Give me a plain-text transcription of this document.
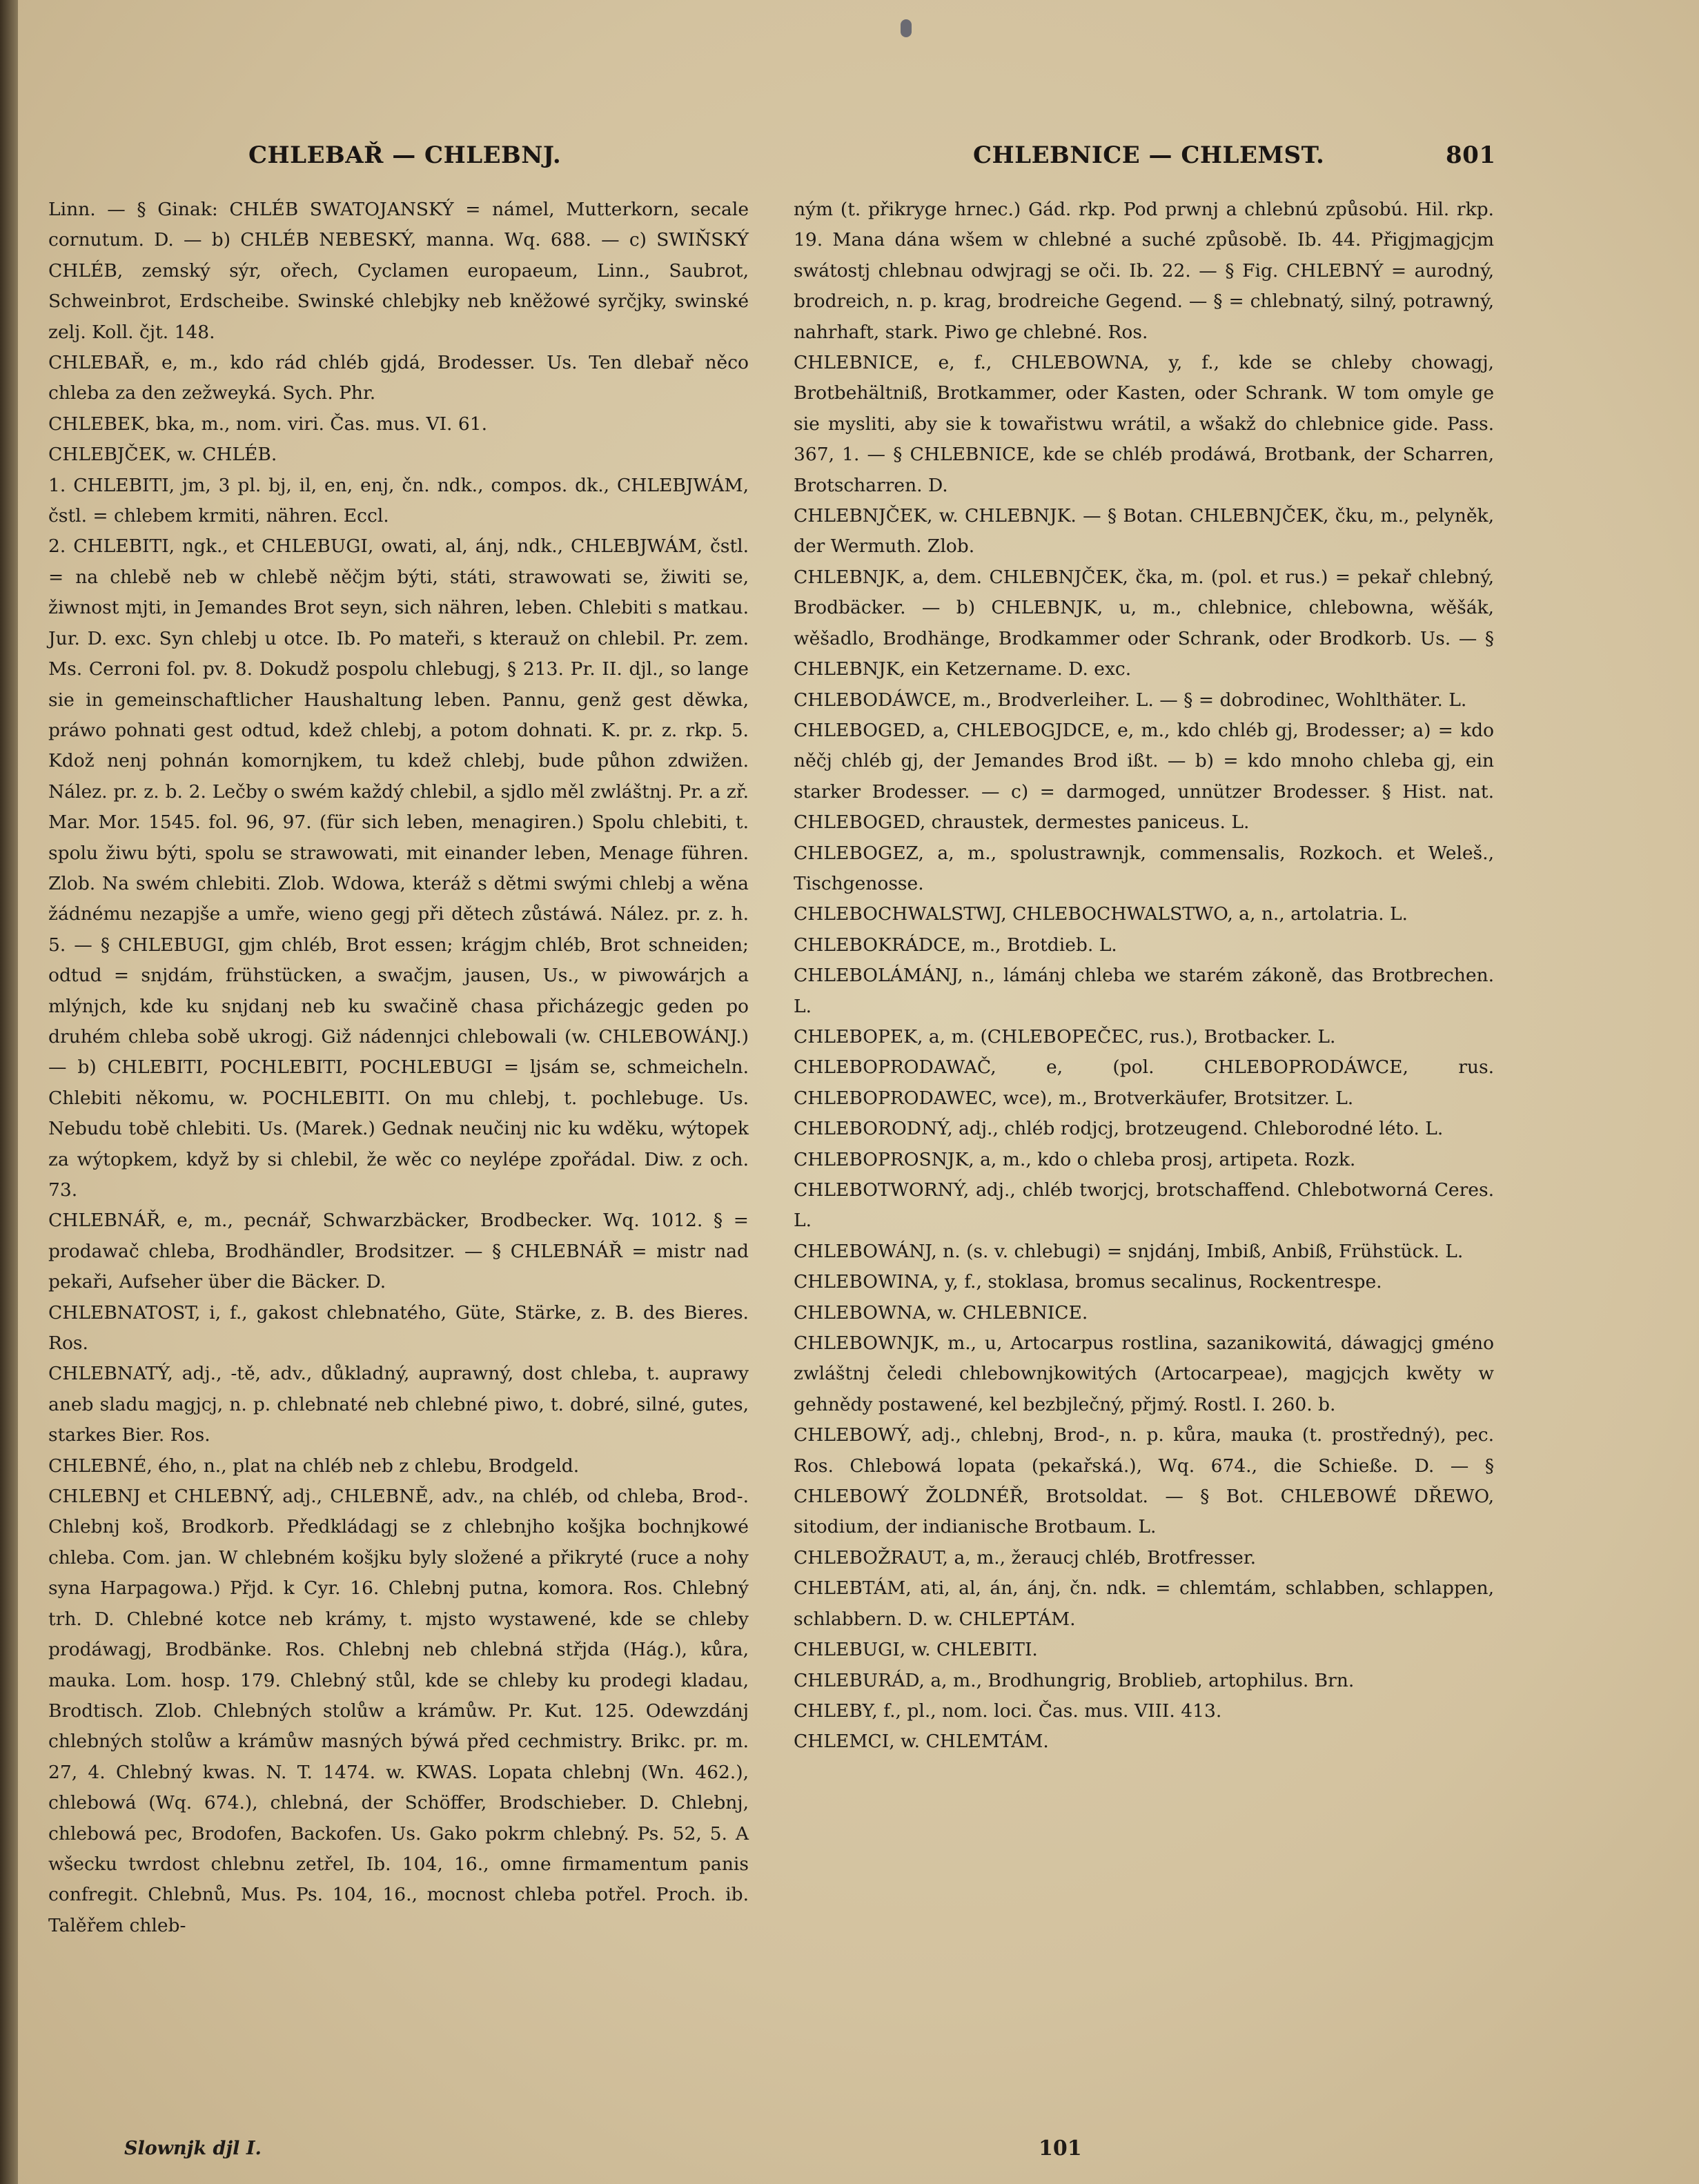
CHLEBAŘ — CHLEBNJ.	CHLEBNICE — CHLEMST.	801

Linn. — § Ginak: CHLÉB SWATOJANSKÝ = námel, Mutterkorn, secale cornutum. D. — b) CHLÉB NEBESKÝ, manna. Wq. 688. — c) SWIŇSKÝ CHLÉB, zemský sýr, ořech, Cyclamen europaeum, Linn., Saubrot, Schweinbrot, Erdscheibe. Swinské chlebjky neb kněžowé syrčjky, swinské zelj. Koll. čjt. 148.

CHLEBAŘ, e, m., kdo rád chléb gjdá, Brodesser. Us. Ten dlebař něco chleba za den zežweyká. Sych. Phr.

CHLEBEK, bka, m., nom. viri. Čas. mus. VI. 61.

CHLEBJČEK, w. CHLÉB.

1. CHLEBITI, jm, 3 pl. bj, il, en, enj, čn. ndk., compos. dk., CHLEBJWÁM, čstl. = chlebem krmiti, nähren. Eccl.

2. CHLEBITI, ngk., et CHLEBUGI, owati, al, ánj, ndk., CHLEBJWÁM, čstl. = na chlebě neb w chlebě něčjm býti, státi, strawowati se, žiwiti se, žiwnost mjti, in Jemandes Brot seyn, sich nähren, leben. Chlebiti s matkau. Jur. D. exc. Syn chlebj u otce. Ib. Po mateři, s kterauž on chlebil. Pr. zem. Ms. Cerroni fol. pv. 8. Dokudž pospolu chlebugj, § 213. Pr. II. djl., so lange sie in gemeinschaftlicher Haushaltung leben. Pannu, genž gest děwka, práwo pohnati gest odtud, kdež chlebj, a potom dohnati. K. pr. z. rkp. 5. Kdož nenj pohnán komornjkem, tu kdež chlebj, bude půhon zdwižen. Nález. pr. z. b. 2. Lečby o swém každý chlebil, a sjdlo měl zwláštnj. Pr. a zř. Mar. Mor. 1545. fol. 96, 97. (für sich leben, menagiren.) Spolu chlebiti, t. spolu žiwu býti, spolu se strawowati, mit einander leben, Menage führen. Zlob. Na swém chlebiti. Zlob. Wdowa, kteráž s dětmi swými chlebj a wěna žádnému nezapjše a umře, wieno gegj při dětech zůstáwá. Nález. pr. z. h. 5. — § CHLEBUGI, gjm chléb, Brot essen; krágjm chléb, Brot schneiden; odtud = snjdám, frühstücken, a swačjm, jausen, Us., w piwowárjch a mlýnjch, kde ku snjdanj neb ku swačině chasa přicházegjc geden po druhém chleba sobě ukrogj. Giž nádennjci chlebowali (w. CHLEBOWÁNJ.) — b) CHLEBITI, POCHLEBITI, POCHLEBUGI = ljsám se, schmeicheln. Chlebiti někomu, w. POCHLEBITI. On mu chlebj, t. pochlebuge. Us. Nebudu tobě chlebiti. Us. (Marek.) Gednak neučinj nic ku wděku, wýtopek za wýtopkem, když by si chlebil, že wěc co neylépe zpořádal. Diw. z och. 73.

CHLEBNÁŘ, e, m., pecnář, Schwarzbäcker, Brodbecker. Wq. 1012. § = prodawač chleba, Brodhändler, Brodsitzer. — § CHLEBNÁŘ = mistr nad pekaři, Aufseher über die Bäcker. D.

CHLEBNATOST, i, f., gakost chlebnatého, Güte, Stärke, z. B. des Bieres. Ros.

CHLEBNATÝ, adj., -tě, adv., důkladný, auprawný, dost chleba, t. auprawy aneb sladu magjcj, n. p. chlebnaté neb chlebné piwo, t. dobré, silné, gutes, starkes Bier. Ros.

CHLEBNÉ, ého, n., plat na chléb neb z chlebu, Brodgeld.

CHLEBNJ et CHLEBNÝ, adj., CHLEBNĚ, adv., na chléb, od chleba, Brod-. Chlebnj koš, Brodkorb. Předkládagj se z chlebnjho košjka bochnjkowé chleba. Com. jan. W chlebném košjku byly složené a přikryté (ruce a nohy syna Harpagowa.) Přjd. k Cyr. 16. Chlebnj putna, komora. Ros. Chlebný trh. D. Chlebné kotce neb krámy, t. mjsto wystawené, kde se chleby prodáwagj, Brodbänke. Ros. Chlebnj neb chlebná střjda (Hág.), kůra, mauka. Lom. hosp. 179. Chlebný stůl, kde se chleby ku prodegi kladau, Brodtisch. Zlob. Chlebných stolůw a krámůw. Pr. Kut. 125. Odewzdánj chlebných stolůw a krámůw masných býwá před cechmistry. Brikc. pr. m. 27, 4. Chlebný kwas. N. T. 1474. w. KWAS. Lopata chlebnj (Wn. 462.), chlebowá (Wq. 674.), chlebná, der Schöffer, Brodschieber. D. Chlebnj, chlebowá pec, Brodofen, Backofen. Us. Gako pokrm chlebný. Ps. 52, 5. A wšecku twrdost chlebnu zetřel, Ib. 104, 16., omne firmamentum panis confregit. Chlebnů, Mus. Ps. 104, 16., mocnost chleba potřel. Proch. ib. Talěřem chleb-

ným (t. přikryge hrnec.) Gád. rkp. Pod prwnj a chlebnú způsobú. Hil. rkp. 19. Mana dána wšem w chlebné a suché způsobě. Ib. 44. Přigjmagjcjm swátostj chlebnau odwjragj se oči. Ib. 22. — § Fig. CHLEBNÝ = aurodný, brodreich, n. p. krag, brodreiche Gegend. — § = chlebnatý, silný, potrawný, nahrhaft, stark. Piwo ge chlebné. Ros.

CHLEBNICE, e, f., CHLEBOWNA, y, f., kde se chleby chowagj, Brotbehältniß, Brotkammer, oder Kasten, oder Schrank. W tom omyle ge sie mysliti, aby sie k towařistwu wrátil, a wšakž do chlebnice gide. Pass. 367, 1. — § CHLEBNICE, kde se chléb prodáwá, Brotbank, der Scharren, Brotscharren. D.

CHLEBNJČEK, w. CHLEBNJK. — § Botan. CHLEBNJČEK, čku, m., pelyněk, der Wermuth. Zlob.

CHLEBNJK, a, dem. CHLEBNJČEK, čka, m. (pol. et rus.) = pekař chlebný, Brodbäcker. — b) CHLEBNJK, u, m., chlebnice, chlebowna, wěšák, wěšadlo, Brodhänge, Brodkammer oder Schrank, oder Brodkorb. Us. — § CHLEBNJK, ein Ketzername. D. exc.

CHLEBODÁWCE, m., Brodverleiher. L. — § = dobrodinec, Wohlthäter. L.

CHLEBOGED, a, CHLEBOGJDCE, e, m., kdo chléb gj, Brodesser; a) = kdo něčj chléb gj, der Jemandes Brod ißt. — b) = kdo mnoho chleba gj, ein starker Brodesser. — c) = darmoged, unnützer Brodesser. § Hist. nat. CHLEBOGED, chraustek, dermestes paniceus. L.

CHLEBOGEZ, a, m., spolustrawnjk, commensalis, Rozkoch. et Weleš., Tischgenosse.

CHLEBOCHWALSTWJ, CHLEBOCHWALSTWO, a, n., artolatria. L.

CHLEBOKRÁDCE, m., Brotdieb. L.

CHLEBOLÁMÁNJ, n., lámánj chleba we starém zákoně, das Brotbrechen. L.

CHLEBOPEK, a, m. (CHLEBOPEČEC, rus.), Brotbacker. L.

CHLEBOPRODAWAČ, e, (pol. CHLEBOPRODÁWCE, rus. CHLEBOPRODAWEC, wce), m., Brotverkäufer, Brotsitzer. L.

CHLEBORODNÝ, adj., chléb rodjcj, brotzeugend. Chleborodné léto. L.

CHLEBOPROSNJK, a, m., kdo o chleba prosj, artipeta. Rozk.

CHLEBOTWORNÝ, adj., chléb tworjcj, brotschaffend. Chlebotworná Ceres. L.

CHLEBOWÁNJ, n. (s. v. chlebugi) = snjdánj, Imbiß, Anbiß, Frühstück. L.

CHLEBOWINA, y, f., stoklasa, bromus secalinus, Rockentrespe.

CHLEBOWNA, w. CHLEBNICE.

CHLEBOWNJK, m., u, Artocarpus rostlina, sazanikowitá, dáwagjcj gméno zwláštnj čeledi chlebownjkowitých (Artocarpeae), magjcjch kwěty w gehnědy postawené, kel bezbjlečný, přjmý. Rostl. I. 260. b.

CHLEBOWÝ, adj., chlebnj, Brod-, n. p. kůra, mauka (t. prostředný), pec. Ros. Chlebowá lopata (pekařská.), Wq. 674., die Schieße. D. — § CHLEBOWÝ ŽOLDNÉŘ, Brotsoldat. — § Bot. CHLEBOWÉ DŘEWO, sitodium, der indianische Brotbaum. L.

CHLEBOŽRAUT, a, m., žeraucj chléb, Brotfresser.

CHLEBTÁM, ati, al, án, ánj, čn. ndk. = chlemtám, schlabben, schlappen, schlabbern. D. w. CHLEPTÁM.

CHLEBUGI, w. CHLEBITI.

CHLEBURÁD, a, m., Brodhungrig, Broblieb, artophilus. Brn.

CHLEBY, f., pl., nom. loci. Čas. mus. VIII. 413.

CHLEMCI, w. CHLEMTÁM.

Slownjk djl I.	101
